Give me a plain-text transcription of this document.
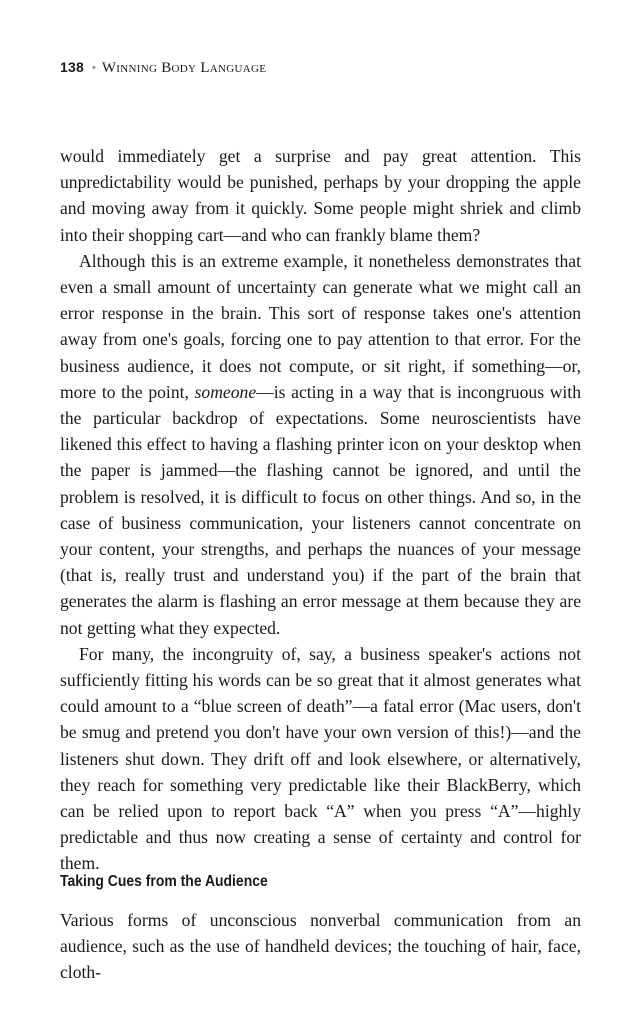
138 • Winning Body Language

would immediately get a surprise and pay great attention. This unpredictability would be punished, perhaps by your dropping the apple and moving away from it quickly. Some people might shriek and climb into their shopping cart—and who can frankly blame them?

Although this is an extreme example, it nonetheless demonstrates that even a small amount of uncertainty can generate what we might call an error response in the brain. This sort of response takes one's attention away from one's goals, forcing one to pay attention to that error. For the business audience, it does not compute, or sit right, if something—or, more to the point, someone—is acting in a way that is incongruous with the particular backdrop of expectations. Some neuroscientists have likened this effect to having a flashing printer icon on your desktop when the paper is jammed—the flashing cannot be ignored, and until the problem is resolved, it is difficult to focus on other things. And so, in the case of business communication, your listeners cannot concentrate on your content, your strengths, and perhaps the nuances of your message (that is, really trust and understand you) if the part of the brain that generates the alarm is flashing an error message at them because they are not getting what they expected.

For many, the incongruity of, say, a business speaker's actions not sufficiently fitting his words can be so great that it almost generates what could amount to a “blue screen of death”—a fatal error (Mac users, don't be smug and pretend you don't have your own version of this!)—and the listeners shut down. They drift off and look elsewhere, or alternatively, they reach for something very predictable like their BlackBerry, which can be relied upon to report back “A” when you press “A”—highly predictable and thus now creating a sense of certainty and control for them.

Taking Cues from the Audience

Various forms of unconscious nonverbal communication from an audience, such as the use of handheld devices; the touching of hair, face, cloth-
